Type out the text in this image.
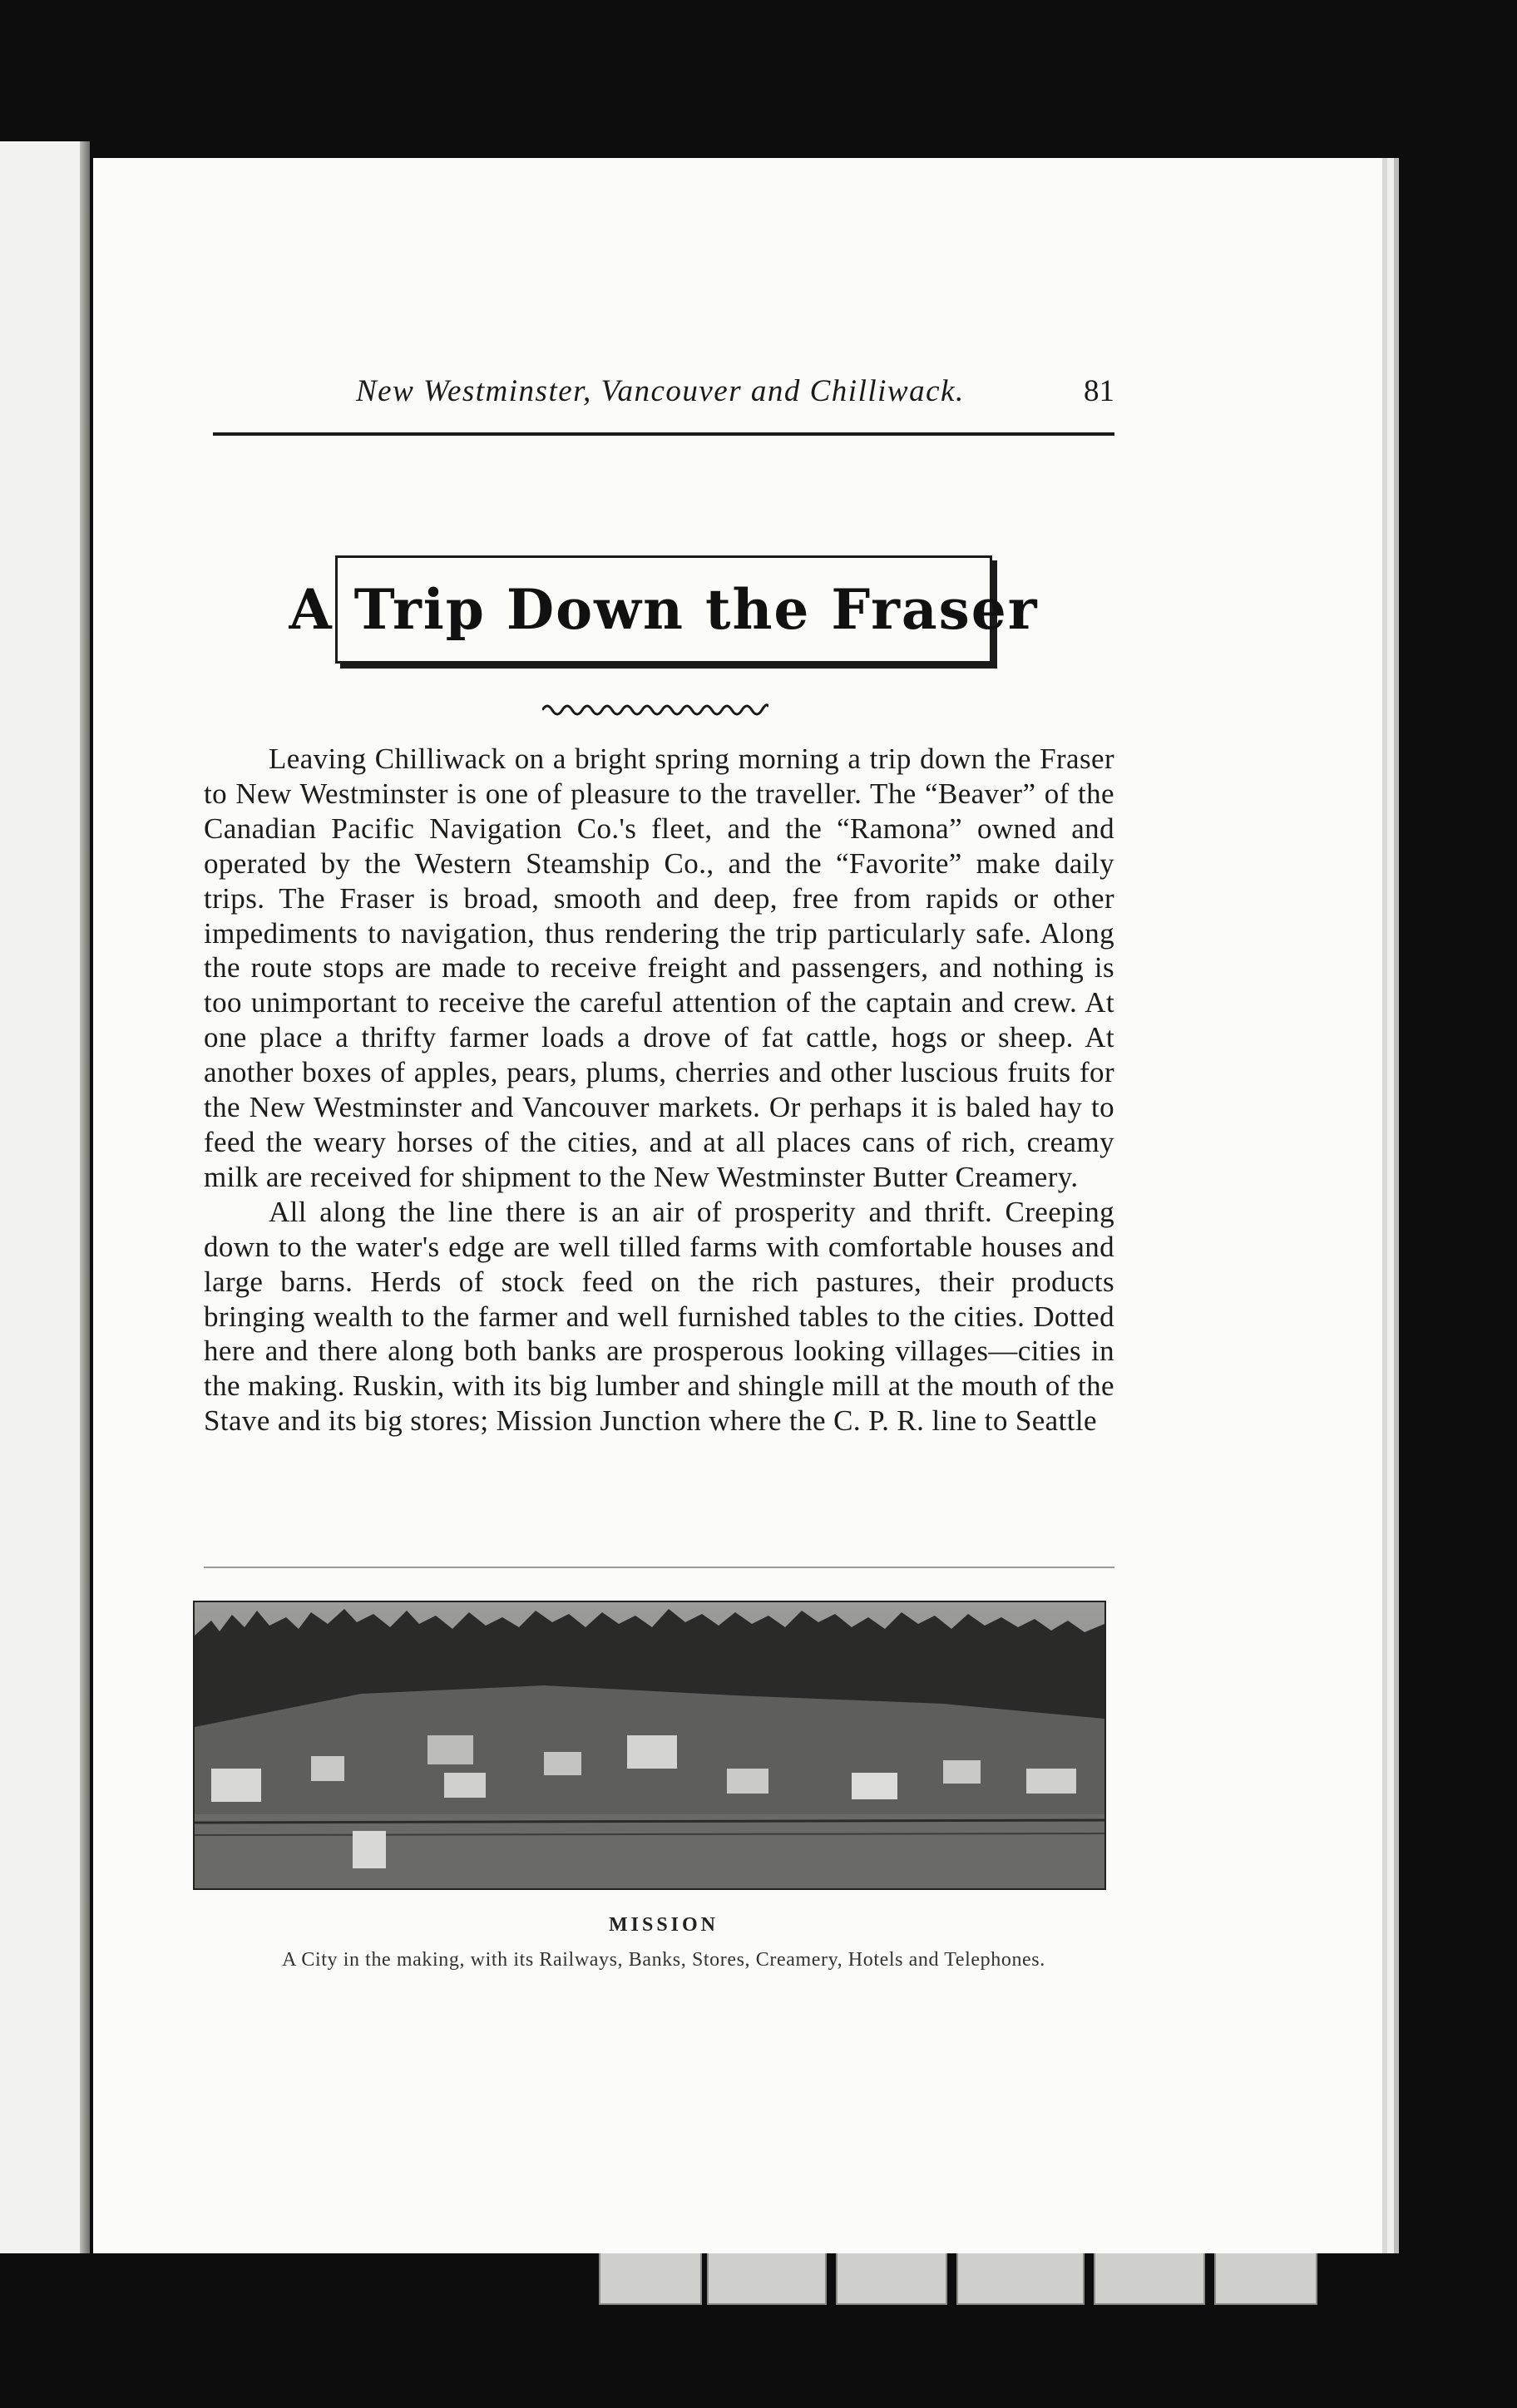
New Westminster, Vancouver and Chilliwack.	81
A Trip Down the Fraser

Leaving Chilliwack on a bright spring morning a trip down the Fraser to New Westminster is one of pleasure to the traveller. The “Beaver” of the Canadian Pacific Navigation Co.'s fleet, and the “Ramona” owned and operated by the Western Steamship Co., and the “Favorite” make daily trips. The Fraser is broad, smooth and deep, free from rapids or other impediments to navigation, thus rendering the trip particularly safe. Along the route stops are made to receive freight and passengers, and nothing is too unimportant to receive the careful attention of the captain and crew. At one place a thrifty farmer loads a drove of fat cattle, hogs or sheep. At another boxes of apples, pears, plums, cherries and other luscious fruits for the New Westminster and Vancouver markets. Or perhaps it is baled hay to feed the weary horses of the cities, and at all places cans of rich, creamy milk are received for shipment to the New Westminster Butter Creamery.

All along the line there is an air of prosperity and thrift. Creeping down to the water's edge are well tilled farms with comfortable houses and large barns. Herds of stock feed on the rich pastures, their products bringing wealth to the farmer and well furnished tables to the cities. Dotted here and there along both banks are prosperous looking villages—cities in the making. Ruskin, with its big lumber and shingle mill at the mouth of the Stave and its big stores; Mission Junction where the C. P. R. line to Seattle

MISSION
A City in the making, with its Railways, Banks, Stores, Creamery, Hotels and Telephones.
